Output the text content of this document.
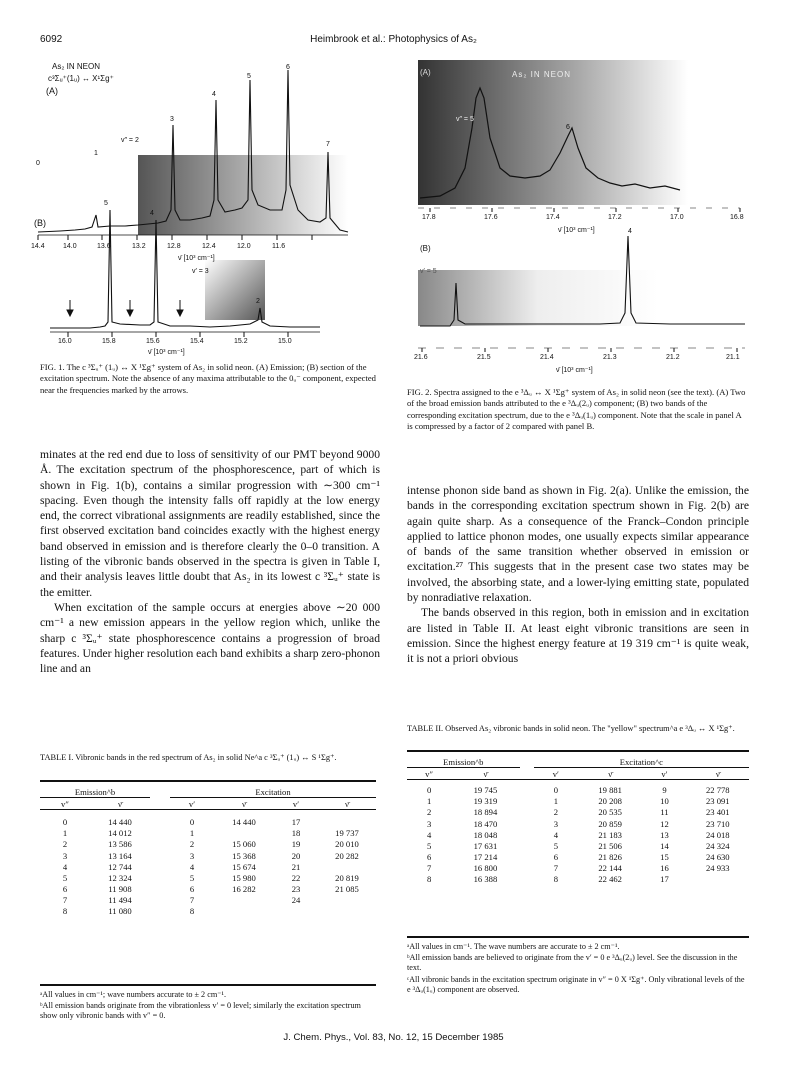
6092	Heimbrook et al.: Photophysics of As₂
As₂ IN NEON
c³Σᵤ⁺(1ᵤ) ↔ X¹Σg⁺
(A)
(B)
0
1
v″ = 2
3
4
5
6
7
14.4	14.0	13.6	13.2	12.8	12.4	12.0	11.6
ν̄ [10³ cm⁻¹]
5
4
v′ = 3
2
16.0	15.8	15.6	15.4	15.2	15.0
ν̄ [10³ cm⁻¹]
FIG. 1. The c ³Σᵤ⁺ (1ᵤ) ↔ X ¹Σg⁺ system of As₂ in solid neon. (A) Emission; (B) section of the excitation spectrum. Note the absence of any maxima attributable to the 0ᵤ⁻ component, expected near the frequencies marked by the arrows.
(A)	As₂ IN NEON
v″ = 5
6
17.8	17.6	17.4	17.2	17.0	16.8
ν̄ [10³ cm⁻¹]
(B)
v′ = 5
4
21.6	21.5	21.4	21.3	21.2	21.1
ν̄ [10³ cm⁻¹]
FIG. 2. Spectra assigned to the e ³Δᵤ ↔ X ¹Σg⁺ system of As₂ in solid neon (see the text). (A) Two of the broad emission bands attributed to the e ³Δᵤ(2ᵤ) component; (B) two bands of the corresponding excitation spectrum, due to the e ³Δᵤ(1ᵤ) component. Note that the scale in panel A is compressed by a factor of 2 compared with panel B.

minates at the red end due to loss of sensitivity of our PMT beyond 9000 Å. The excitation spectrum of the phosphorescence, part of which is shown in Fig. 1(b), contains a similar progression with ∼300 cm⁻¹ spacing. Even though the intensity falls off rapidly at the low energy end, the correct vibrational assignments are readily established, since the first observed excitation band coincides exactly with the highest energy band observed in emission and is therefore clearly the 0–0 transition. A listing of the vibronic bands observed in the spectra is given in Table I, and their analysis leaves little doubt that As₂ in its lowest c ³Σᵤ⁺ state is the emitter.

When excitation of the sample occurs at energies above ∼20 000 cm⁻¹ a new emission appears in the yellow region which, unlike the sharp c ³Σᵤ⁺ state phosphorescence contains a progression of broad features. Under higher resolution each band exhibits a sharp zero-phonon line and an

intense phonon side band as shown in Fig. 2(a). Unlike the emission, the bands in the corresponding excitation spectrum shown in Fig. 2(b) are again quite sharp. As a consequence of the Franck–Condon principle applied to lattice phonon modes, one usually expects similar appearance of bands of the same transition whether observed in emission or excitation.²⁷ This suggests that in the present case two states may be involved, the absorbing state, and a lower-lying emitting state, populated by nonradiative relaxation.

The bands observed in this region, both in emission and in excitation are listed in Table II. At least eight vibronic transitions are seen in emission. Since the highest energy feature at 19 319 cm⁻¹ is quite weak, it is not a priori obvious

TABLE I. Vibronic bands in the red spectrum of As₂ in solid Ne^a c ³Σᵤ⁺ (1ᵤ) ↔ S ¹Σg⁺.
Emission^b			Excitation			
v″	ν̄		v′	ν̄	v′	ν̄

0	14 440		0	14 440	17	
1	14 012		1		18	19 737
2	13 586		2	15 060	19	20 010
3	13 164		3	15 368	20	20 282
4	12 744		4	15 674	21	
5	12 324		5	15 980	22	20 819
6	11 908		6	16 282	23	21 085
7	11 494		7		24	
8	11 080		8			
ᵃAll values in cm⁻¹; wave numbers accurate to ± 2 cm⁻¹.
ᵇAll emission bands originate from the vibrationless v′ = 0 level; similarly the excitation spectrum show only vibronic bands with v″ = 0.
TABLE II. Observed As₂ vibronic bands in solid neon. The "yellow" spectrum^a e ³Δᵤ ↔ X ¹Σg⁺.
Emission^b			Excitation^c			
v″	ν̄		v′	ν̄	v′	ν̄

0	19 745		0	19 881	9	22 778
1	19 319		1	20 208	10	23 091
2	18 894		2	20 535	11	23 401
3	18 470		3	20 859	12	23 710
4	18 048		4	21 183	13	24 018
5	17 631		5	21 506	14	24 324
6	17 214		6	21 826	15	24 630
7	16 800		7	22 144	16	24 933
8	16 388		8	22 462	17	
ᵃAll values in cm⁻¹. The wave numbers are accurate to ± 2 cm⁻¹.
ᵇAll emission bands are believed to originate from the v′ = 0 e ³Δᵤ(2ᵤ) level. See the discussion in the text.
ᶜAll vibronic bands in the excitation spectrum originate in v″ = 0 X ¹Σg⁺. Only vibrational levels of the e ³Δᵤ(1ᵤ) component are observed.
J. Chem. Phys., Vol. 83, No. 12, 15 December 1985
